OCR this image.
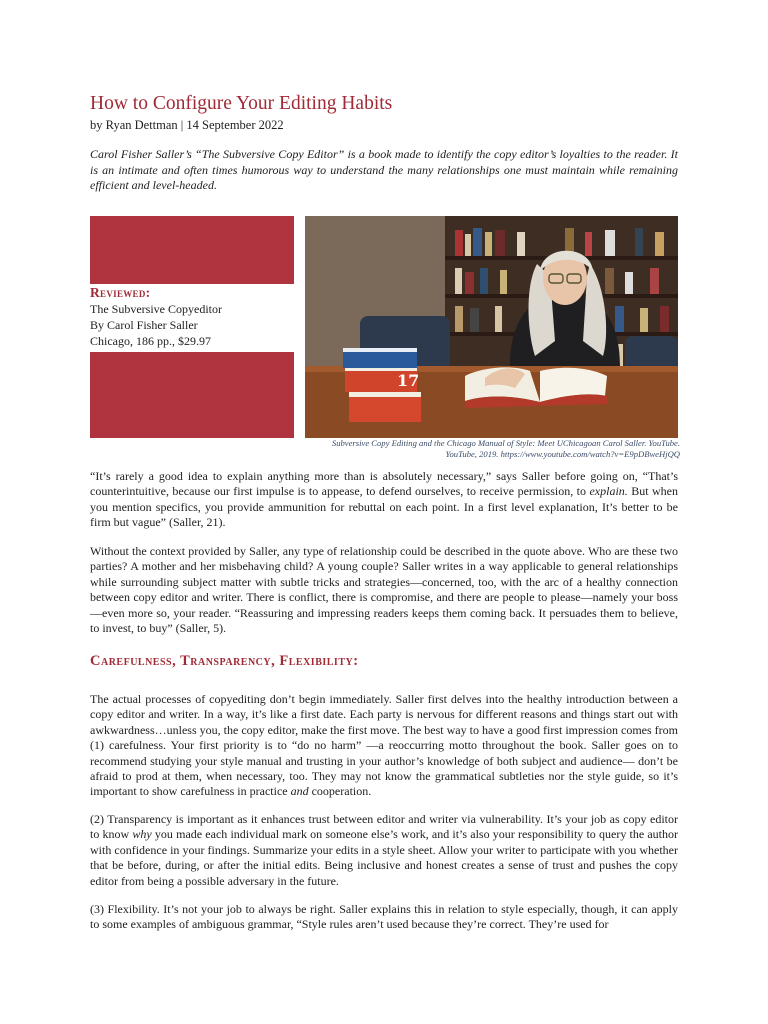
How to Configure Your Editing Habits
by Ryan Dettman | 14 September 2022

Carol Fisher Saller’s “The Subversive Copy Editor” is a book made to identify the copy editor’s loyalties to the reader. It is an intimate and often times humorous way to understand the many relationships one must maintain while remaining efficient and level-headed.

Reviewed:
The Subversive Copyeditor
By Carol Fisher Saller
Chicago, 186 pp., $29.97
17

Subversive Copy Editing and the Chicago Manual of Style: Meet UChicagoan Carol Saller. YouTube. YouTube, 2019. https://www.youtube.com/watch?v=E9pDBweHjQQ

“It’s rarely a good idea to explain anything more than is absolutely necessary,” says Saller before going on, “That’s counterintuitive, because our first impulse is to appease, to defend ourselves, to receive permission, to explain. But when you mention specifics, you provide ammunition for rebuttal on each point. In a first level explanation, It’s better to be firm but vague” (Saller, 21).

Without the context provided by Saller, any type of relationship could be described in the quote above. Who are these two parties? A mother and her misbehaving child? A young couple? Saller writes in a way applicable to general relationships while surrounding subject matter with subtle tricks and strategies—concerned, too, with the arc of a healthy connection between copy editor and writer. There is conflict, there is compromise, and there are people to please—namely your boss—even more so, your reader. “Reassuring and impressing readers keeps them coming back. It persuades them to believe, to invest, to buy” (Saller, 5).

Carefulness, Transparency, Flexibility:

The actual processes of copyediting don’t begin immediately. Saller first delves into the healthy introduction between a copy editor and writer. In a way, it’s like a first date. Each party is nervous for different reasons and things start out with awkwardness…unless you, the copy editor, make the first move. The best way to have a good first impression comes from (1) carefulness. Your first priority is to “do no harm” —a reoccurring motto throughout the book. Saller goes on to recommend studying your style manual and trusting in your author’s knowledge of both subject and audience— don’t be afraid to prod at them, when necessary, too. They may not know the grammatical subtleties nor the style guide, so it’s important to show carefulness in practice and cooperation.

(2) Transparency is important as it enhances trust between editor and writer via vulnerability. It’s your job as copy editor to know why you made each individual mark on someone else’s work, and it’s also your responsibility to query the author with confidence in your findings. Summarize your edits in a style sheet. Allow your writer to participate with you whether that be before, during, or after the initial edits. Being inclusive and honest creates a sense of trust and pushes the copy editor from being a possible adversary in the future.

(3) Flexibility. It’s not your job to always be right. Saller explains this in relation to style especially, though, it can apply to some examples of ambiguous grammar, “Style rules aren’t used because they’re correct. They’re used for
